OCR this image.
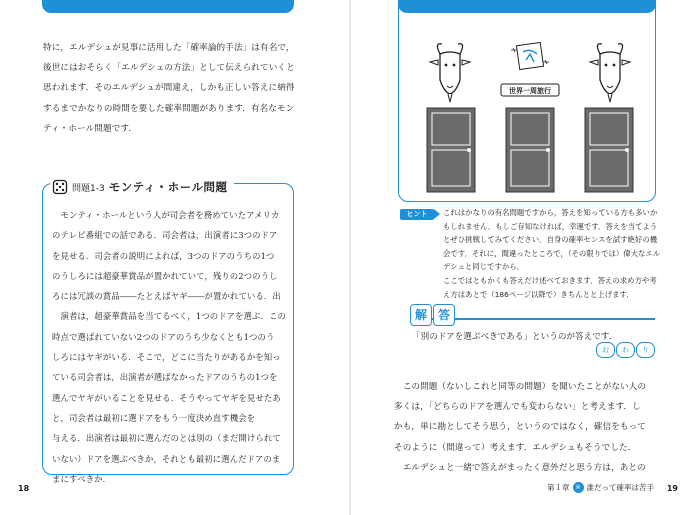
特に，エルデシュが見事に活用した「確率論的手法」は有名で，
後世にはおそらく「エルデシュの方法」として伝えられていくと
思われます．そのエルデシュが間違え，しかも正しい答えに納得
するまでかなりの時間を要した確率問題があります．有名なモン
ティ・ホール問題です．
問題1-3 モンティ・ホール問題
　モンティ・ホールという人が司会者を務めていたアメリカ
のテレビ番組での話である．司会者は，出演者に3つのドア
を見せる．司会者の説明によれば，3つのドアのうちの1つ
のうしろには超豪華賞品が置かれていて，残りの2つのうし
ろには冗談の賞品――たとえばヤギ――が置かれている．出
　演者は，超豪華賞品を当てるべく，1つのドアを選ぶ．この
時点で選ばれていない2つのドアのうち少なくとも1つのう
しろにはヤギがいる．そこで，どこに当たりがあるかを知っ
ている司会者は，出演者が選ばなかったドアのうちの1つを
選んでヤギがいることを見せる．そうやってヤギを見せたあ
と，司会者は最初に選ドアをもう一度決め直す機会を
与える．出演者は最初に選んだのとは別の（まだ開けられて
いない）ドアを選ぶべきか，それとも最初に選んだドアのま
まにすべきか．
18
世界一周旅行
ヒント	これはかなりの有名問題ですから，答えを知っている方も多いか
もしれません．もしご存知なければ，幸運です．答えを当てよう
とぜひ挑戦してみてください．自身の確率センスを試す絶好の機
会です．それに，間違ったところで，（その限りでは）偉大なエル
デシュと同じですから．
ここではともかくも答えだけ述べておきます．答えの求め方や考
え方はあとで（186ページ以降で）きちんとと上げます．
解 答
「別のドアを選ぶべきである」というのが答えです．
お	わ	り
　この問題（ないしこれと同等の問題）を聞いたことがない人の
多くは，「どちらのドアを選んでも変わらない」と考えます．し
かも，単に勘としてそう思う，というのではなく，確信をもって
そのように（間違って）考えます．エルデシュもそうでした．
　エルデシュと一緒で答えがまったく意外だと思う方は，あとの
第１章 ※ 誰だって確率は苦手 19
